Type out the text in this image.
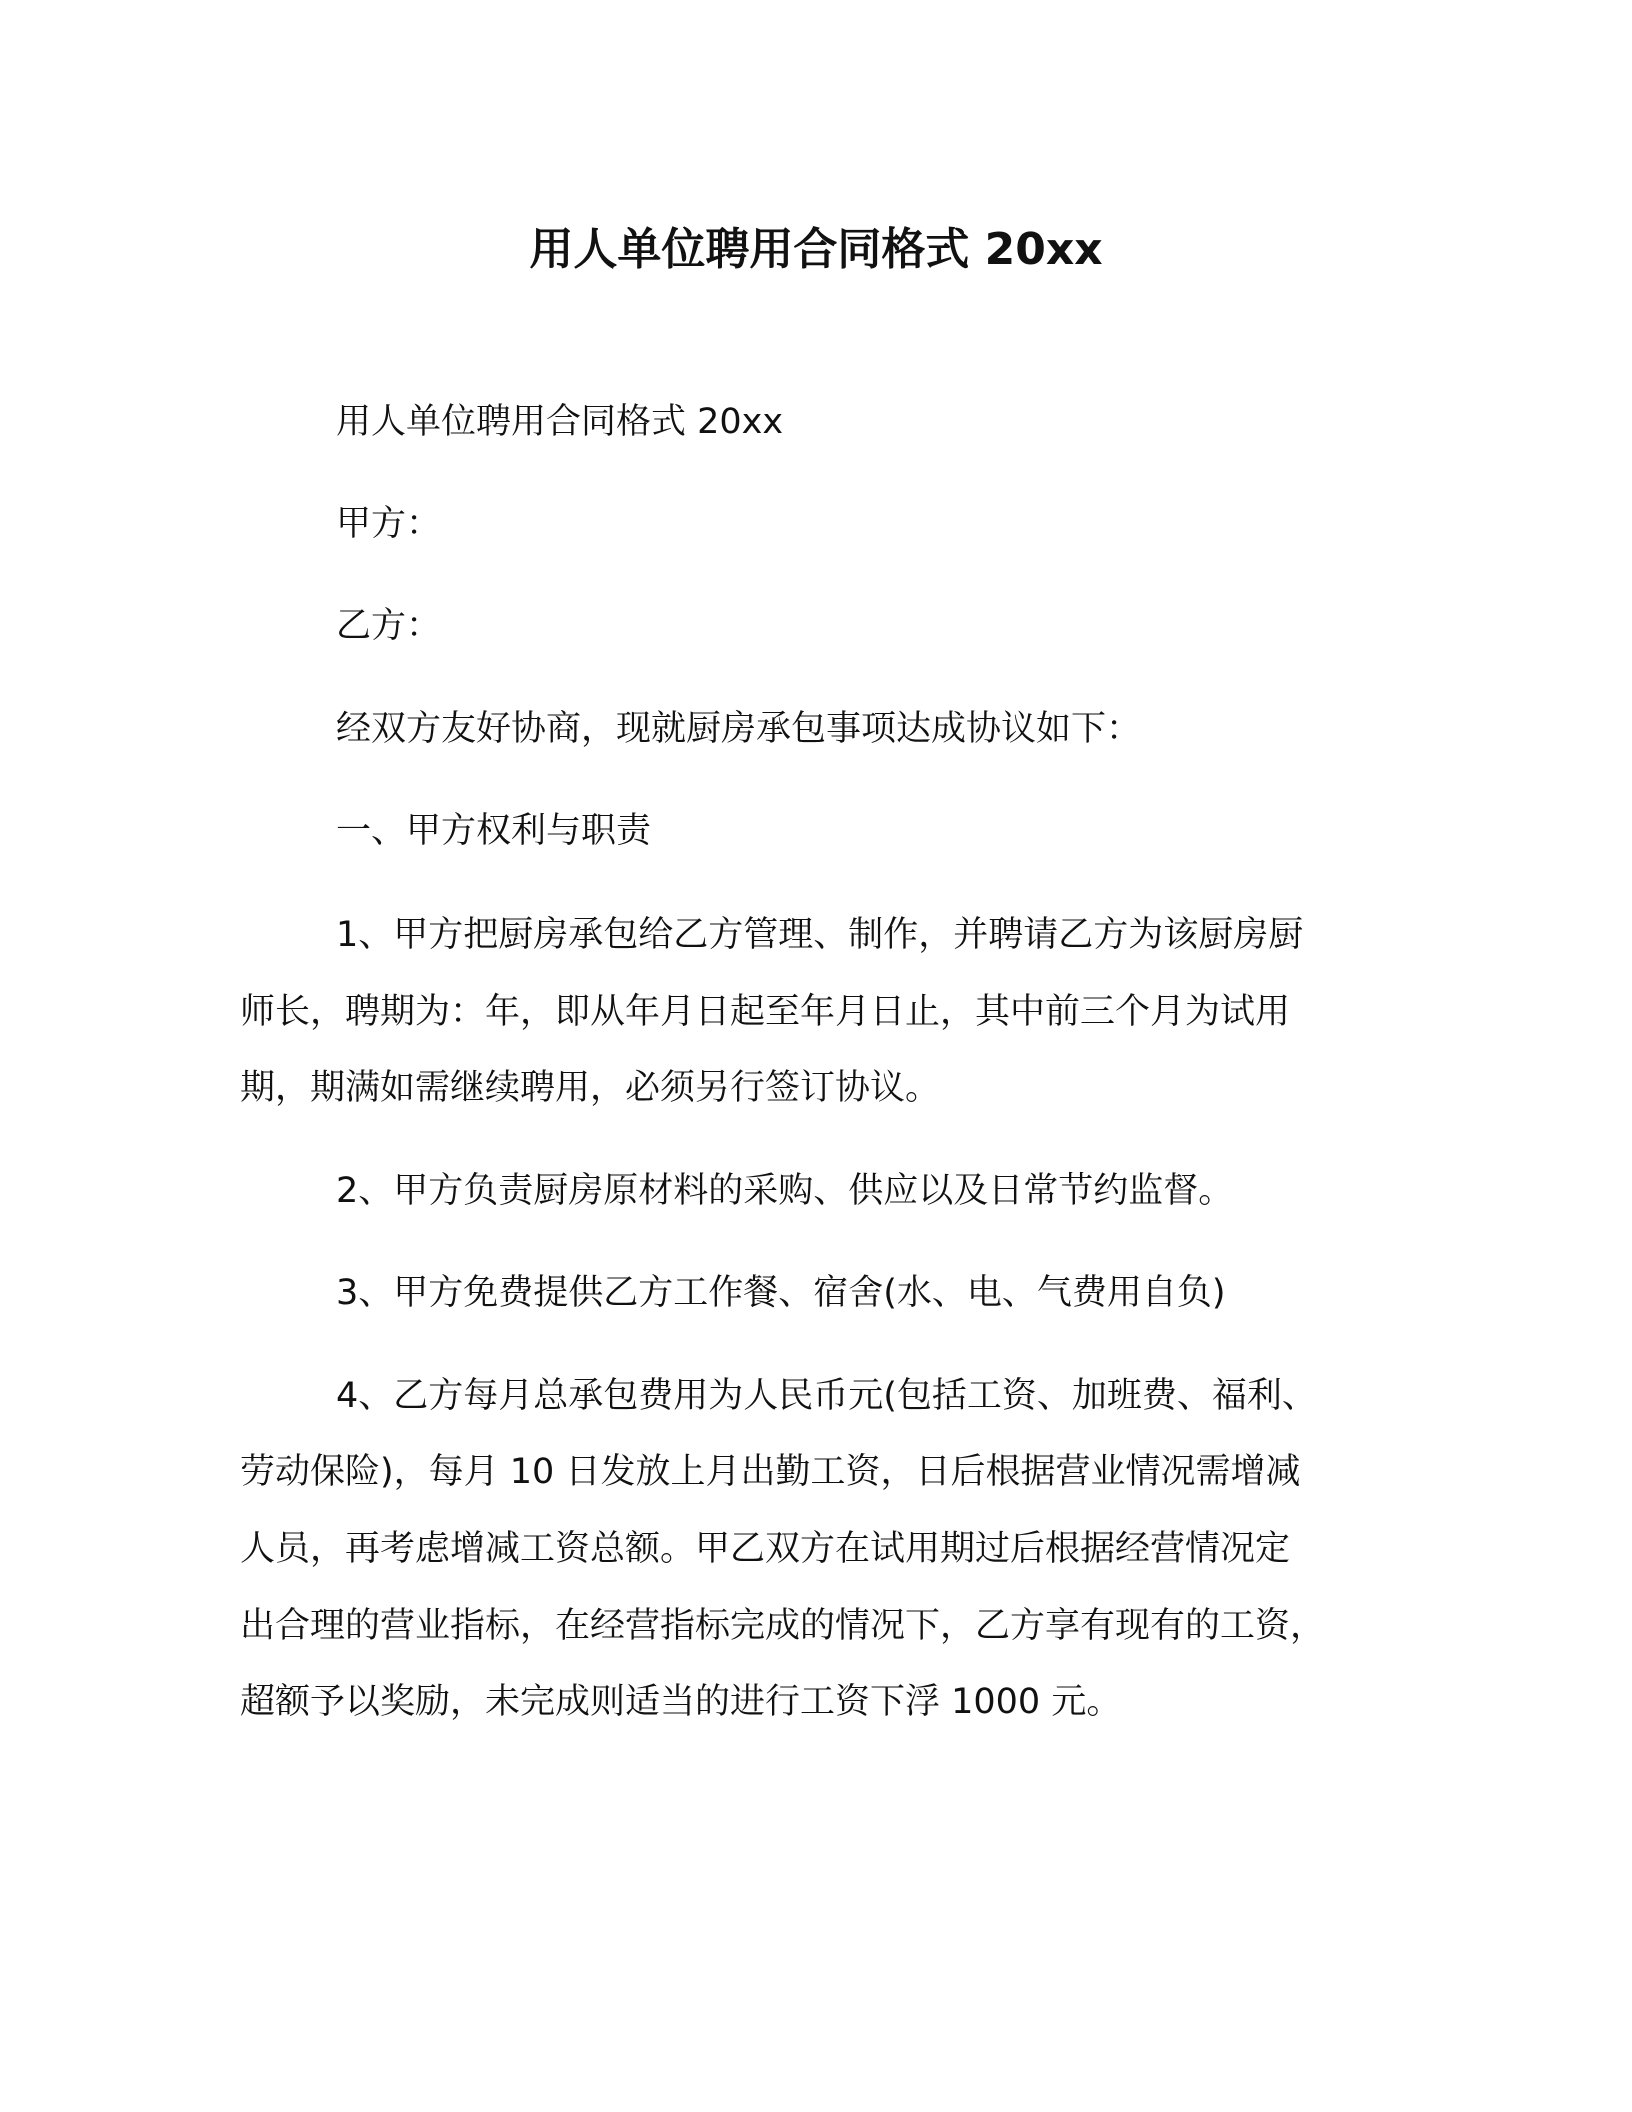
用人单位聘用合同格式 20xx

用人单位聘用合同格式 20xx

甲方：

乙方：

经双方友好协商，现就厨房承包事项达成协议如下：

一、甲方权利与职责

1、甲方把厨房承包给乙方管理、制作，并聘请乙方为该厨房厨

师长，聘期为：年，即从年月日起至年月日止，其中前三个月为试用

期，期满如需继续聘用，必须另行签订协议。

2、甲方负责厨房原材料的采购、供应以及日常节约监督。

3、甲方免费提供乙方工作餐、宿舍(水、电、气费用自负)

4、乙方每月总承包费用为人民币元(包括工资、加班费、福利、

劳动保险)，每月 10 日发放上月出勤工资，日后根据营业情况需增减

人员，再考虑增减工资总额。甲乙双方在试用期过后根据经营情况定

出合理的营业指标，在经营指标完成的情况下，乙方享有现有的工资，

超额予以奖励，未完成则适当的进行工资下浮 1000 元。
